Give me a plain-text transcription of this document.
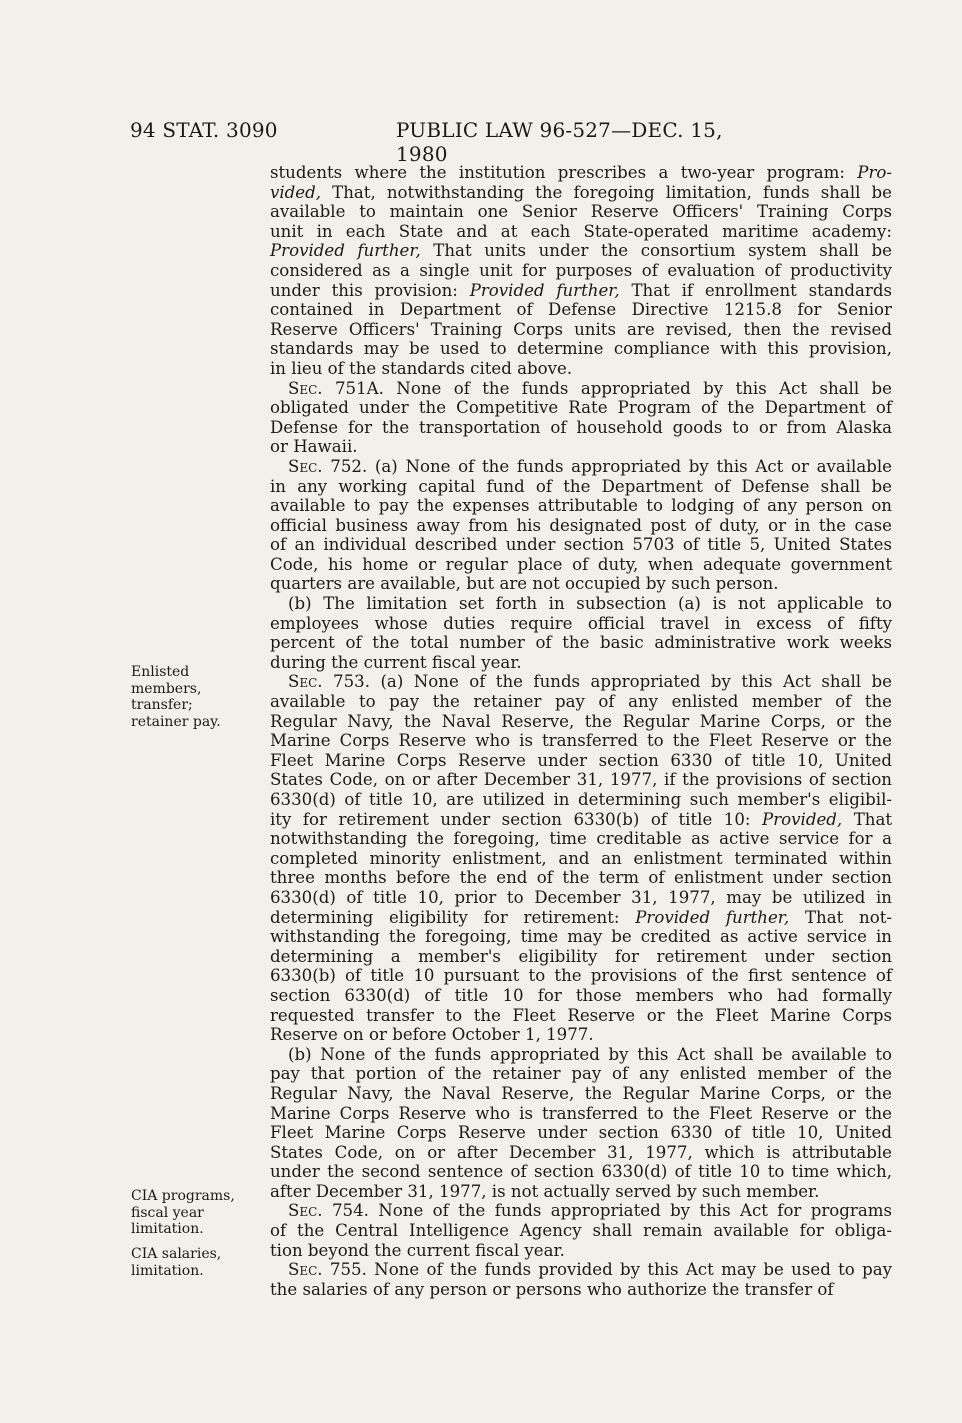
94 STAT. 3090	PUBLIC LAW 96-527—DEC. 15, 1980
Enlisted members, transfer; retainer pay.
CIA programs, fiscal year limitation.
CIA salaries, limitation.
students where the institution prescribes a two-year program: Pro-
vided, That, notwithstanding the foregoing limitation, funds shall be
available to maintain one Senior Reserve Officers' Training Corps
unit in each State and at each State-operated maritime academy:
Provided further, That units under the consortium system shall be
considered as a single unit for purposes of evaluation of productivity
under this provision: Provided further, That if enrollment standards
contained in Department of Defense Directive 1215.8 for Senior
Reserve Officers' Training Corps units are revised, then the revised
standards may be used to determine compliance with this provision,
in lieu of the standards cited above.
Sec. 751A. None of the funds appropriated by this Act shall be
obligated under the Competitive Rate Program of the Department of
Defense for the transportation of household goods to or from Alaska
or Hawaii.
Sec. 752. (a) None of the funds appropriated by this Act or available
in any working capital fund of the Department of Defense shall be
available to pay the expenses attributable to lodging of any person on
official business away from his designated post of duty, or in the case
of an individual described under section 5703 of title 5, United States
Code, his home or regular place of duty, when adequate government
quarters are available, but are not occupied by such person.
(b) The limitation set forth in subsection (a) is not applicable to
employees whose duties require official travel in excess of fifty
percent of the total number of the basic administrative work weeks
during the current fiscal year.
Sec. 753. (a) None of the funds appropriated by this Act shall be
available to pay the retainer pay of any enlisted member of the
Regular Navy, the Naval Reserve, the Regular Marine Corps, or the
Marine Corps Reserve who is transferred to the Fleet Reserve or the
Fleet Marine Corps Reserve under section 6330 of title 10, United
States Code, on or after December 31, 1977, if the provisions of section
6330(d) of title 10, are utilized in determining such member's eligibil-
ity for retirement under section 6330(b) of title 10: Provided, That
notwithstanding the foregoing, time creditable as active service for a
completed minority enlistment, and an enlistment terminated within
three months before the end of the term of enlistment under section
6330(d) of title 10, prior to December 31, 1977, may be utilized in
determining eligibility for retirement: Provided further, That not-
withstanding the foregoing, time may be credited as active service in
determining a member's eligibility for retirement under section
6330(b) of title 10 pursuant to the provisions of the first sentence of
section 6330(d) of title 10 for those members who had formally
requested transfer to the Fleet Reserve or the Fleet Marine Corps
Reserve on or before October 1, 1977.
(b) None of the funds appropriated by this Act shall be available to
pay that portion of the retainer pay of any enlisted member of the
Regular Navy, the Naval Reserve, the Regular Marine Corps, or the
Marine Corps Reserve who is transferred to the Fleet Reserve or the
Fleet Marine Corps Reserve under section 6330 of title 10, United
States Code, on or after December 31, 1977, which is attributable
under the second sentence of section 6330(d) of title 10 to time which,
after December 31, 1977, is not actually served by such member.
Sec. 754. None of the funds appropriated by this Act for programs
of the Central Intelligence Agency shall remain available for obliga-
tion beyond the current fiscal year.
Sec. 755. None of the funds provided by this Act may be used to pay
the salaries of any person or persons who authorize the transfer of
